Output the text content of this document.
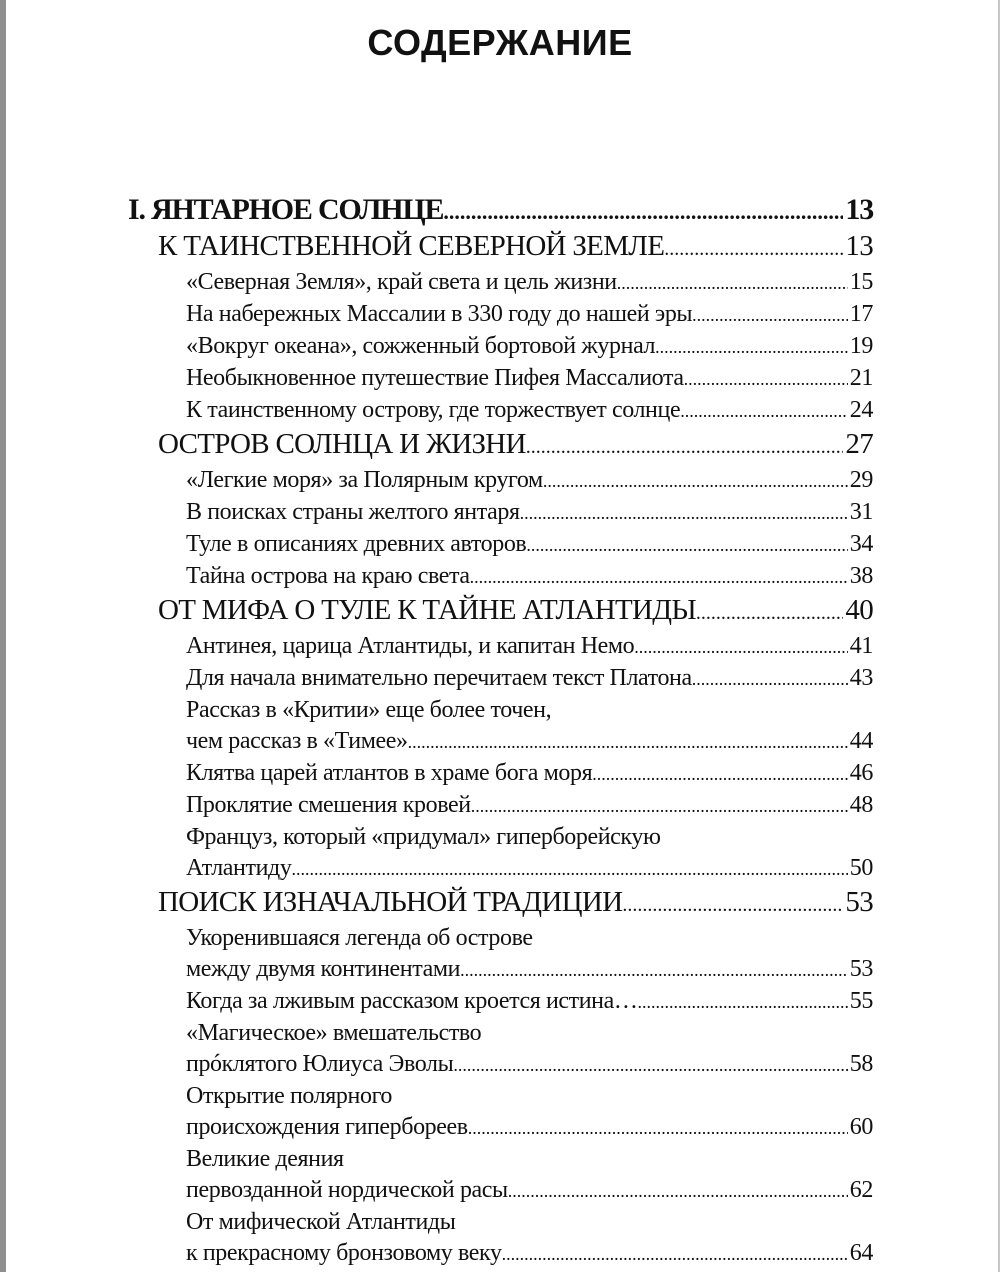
СОДЕРЖАНИЕ
I. ЯНТАРНОЕ СОЛНЦЕ .....	13
К ТАИНСТВЕННОЙ СЕВЕРНОЙ ЗЕМЛЕ .....	13
«Северная Земля», край света и цель жизни .....	15
На набережных Массалии в 330 году до нашей эры .....	17
«Вокруг океана», сожженный бортовой журнал .....	19
Необыкновенное путешествие Пифея Массалиота .....	21
К таинственному острову, где торжествует солнце .....	24
ОСТРОВ СОЛНЦА И ЖИЗНИ .....	27
«Легкие моря» за Полярным кругом .....	29
В поисках страны желтого янтаря .....	31
Туле в описаниях древних авторов .....	34
Тайна острова на краю света .....	38
ОТ МИФА О ТУЛЕ К ТАЙНЕ АТЛАНТИДЫ .....	40
Антинея, царица Атлантиды, и капитан Немо .....	41
Для начала внимательно перечитаем текст Платона .....	43
Рассказ в «Критии» еще более точен,
чем рассказ в «Тимее» .....	44
Клятва царей атлантов в храме бога моря .....	46
Проклятие смешения кровей .....	48
Француз, который «придумал» гиперборейскую
Атлантиду .....	50
ПОИСК ИЗНАЧАЛЬНОЙ ТРАДИЦИИ .....	53
Укоренившаяся легенда об острове
между двумя континентами .....	53
Когда за лживым рассказом кроется истина… .....	55
«Магическое» вмешательство
прóклятого Юлиуса Эволы .....	58
Открытие полярного
происхождения гипербореев .....	60
Великие деяния
первозданной нордической расы .....	62
От мифической Атлантиды
к прекрасному бронзовому веку .....	64
